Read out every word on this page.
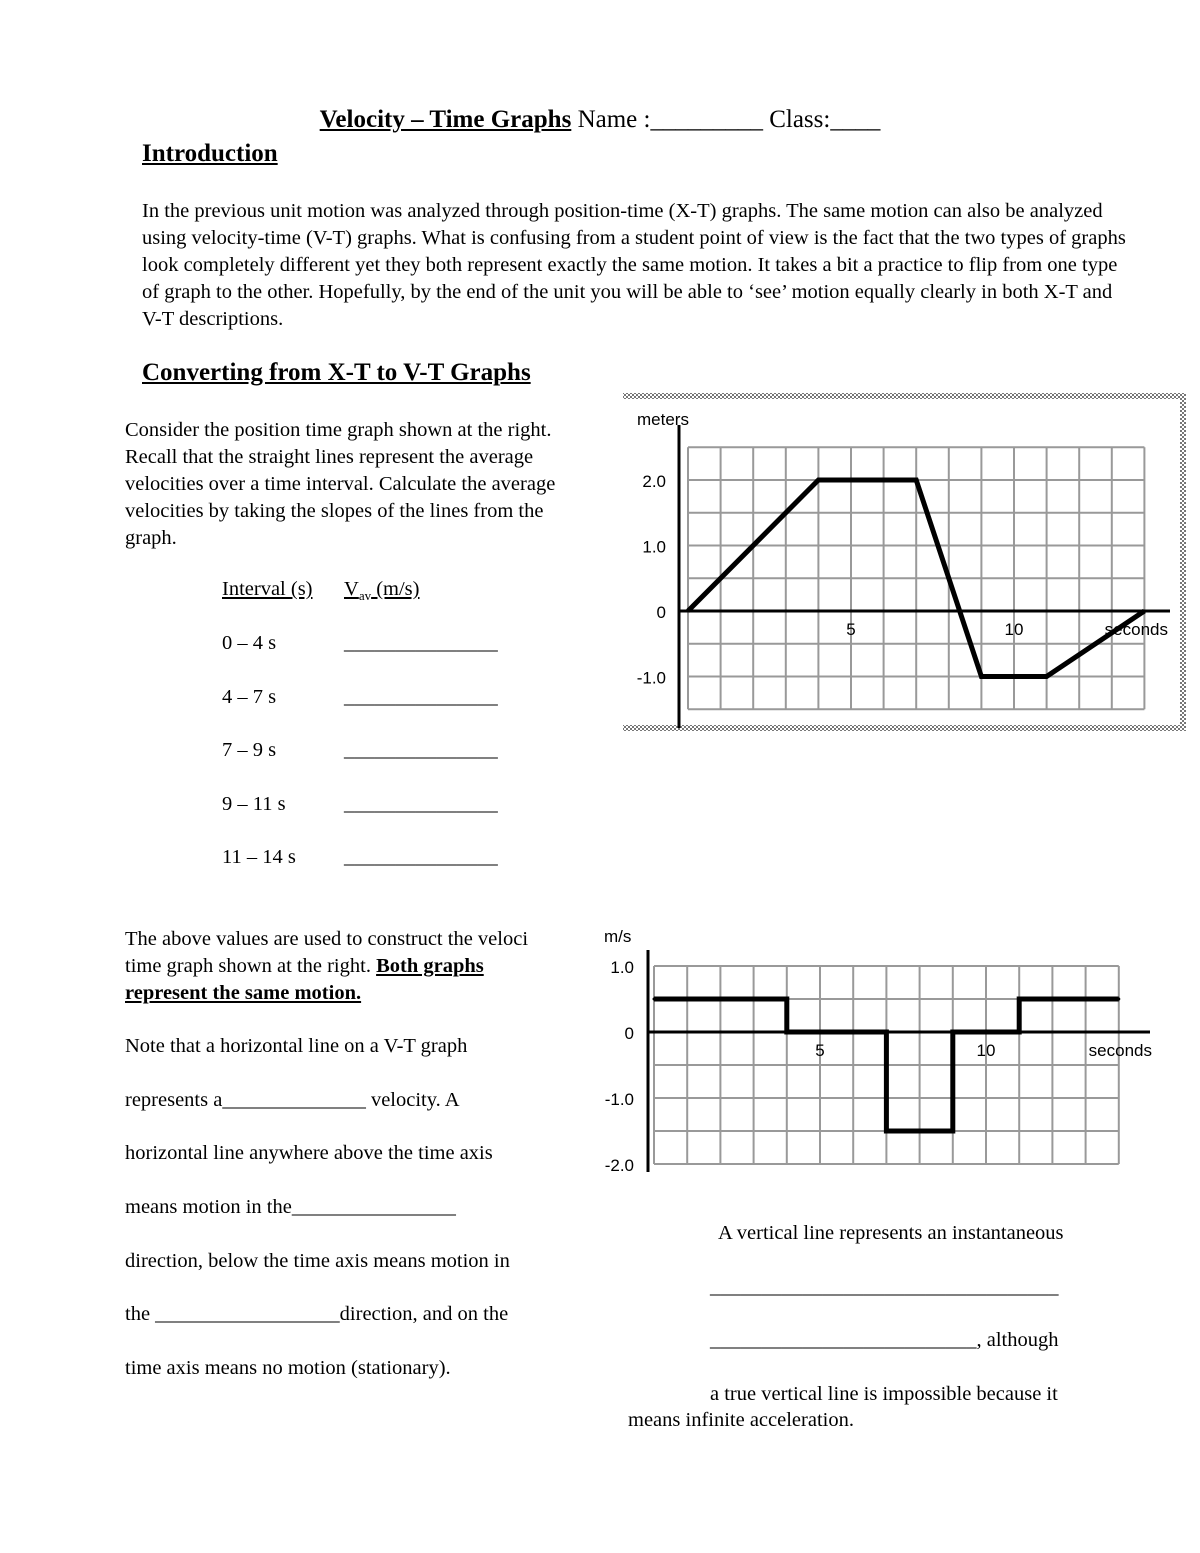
Velocity – Time Graphs Name :_________ Class:____
Introduction
In the previous unit motion was analyzed through position-time (X-T) graphs. The same motion can also be analyzed using velocity-time (V-T) graphs. What is confusing from a student point of view is the fact that the two types of graphs look completely different yet they both represent exactly the same motion. It takes a bit a practice to flip from one type of graph to the other. Hopefully, by the end of the unit you will be able to ‘see’ motion equally clearly in both X-T and V-T descriptions.
Converting from X-T to V-T Graphs
Consider the position time graph shown at the right. Recall that the straight lines represent the average velocities over a time interval. Calculate the average velocities by taking the slopes of the lines from the graph.
Interval (s) $V_{av}$ (m/s)
0 – 4 s	_______________
4 – 7 s	_______________
7 – 9 s	_______________
9 – 11 s	_______________
11 – 14 s _______________
2.0
1.0
0
-1.0
5	10
meters
seconds
The above values are used to construct the veloci
time graph shown at the right. Both graphs
represent the same motion.
Note that a horizontal line on a V-T graph
represents a______________ velocity. A
horizontal line anywhere above the time axis
means motion in the________________
direction, below the time axis means motion in
the __________________direction, and on the
time axis means no motion (stationary).
1.0
0
-1.0
-2.0
5	10
m/s
seconds
A vertical line represents an instantaneous
__________________________________
__________________________, although
a true vertical line is impossible because it
means infinite acceleration.
